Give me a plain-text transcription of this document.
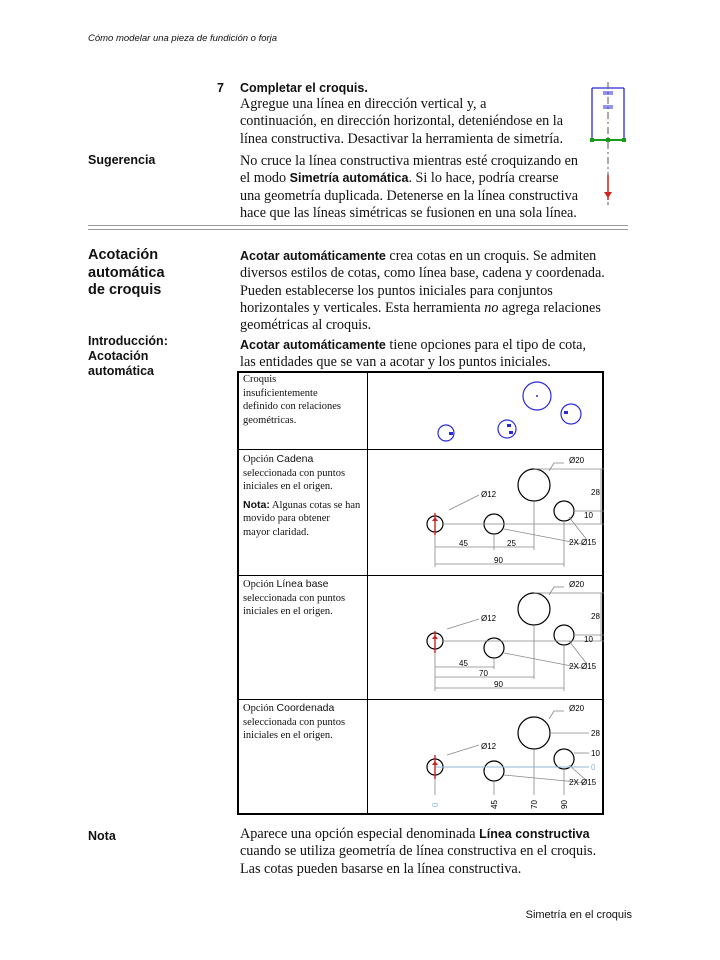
Cómo modelar una pieza de fundición o forja
Simetría en el croquis
7 Completar el croquis.
Agregue una línea en dirección vertical y, a
continuación, en dirección horizontal, deteniéndose en la
línea constructiva. Desactivar la herramienta de simetría.
Sugerencia	No cruce la línea constructiva mientras esté croquizando en
el modo Simetría automática. Si lo hace, podría crearse
una geometría duplicada. Detenerse en la línea constructiva
hace que las líneas simétricas se fusionen en una sola línea.
Acotación
automática
de croquis
Acotar automáticamente crea cotas en un croquis. Se admiten
diversos estilos de cotas, como línea base, cadena y coordenada.
Pueden establecerse los puntos iniciales para conjuntos
horizontales y verticales. Esta herramienta no agrega relaciones
geométricas al croquis.
Introducción:
Acotación
automática
Acotar automáticamente tiene opciones para el tipo de cota,
las entidades que se van a acotar y los puntos iniciales.
Croquis
insuficientemente
definido con relaciones
geométricas.
Opción Cadena
seleccionada con puntos
iniciales en el origen.
Nota: Algunas cotas se han
movido para obtener
mayor claridad.
Opción Línea base
seleccionada con puntos
iniciales en el origen.
Opción Coordenada
seleccionada con puntos
iniciales en el origen.
Ø20
Ø12
2X Ø15
28
10
45	25
90
Ø20
Ø12
2X Ø15
28
10
45
70
90
Ø20
Ø12
2X Ø15
28
10
0
0	45	70	90
Nota	Aparece una opción especial denominada Línea constructiva
cuando se utiliza geometría de línea constructiva en el croquis.
Las cotas pueden basarse en la línea constructiva.
